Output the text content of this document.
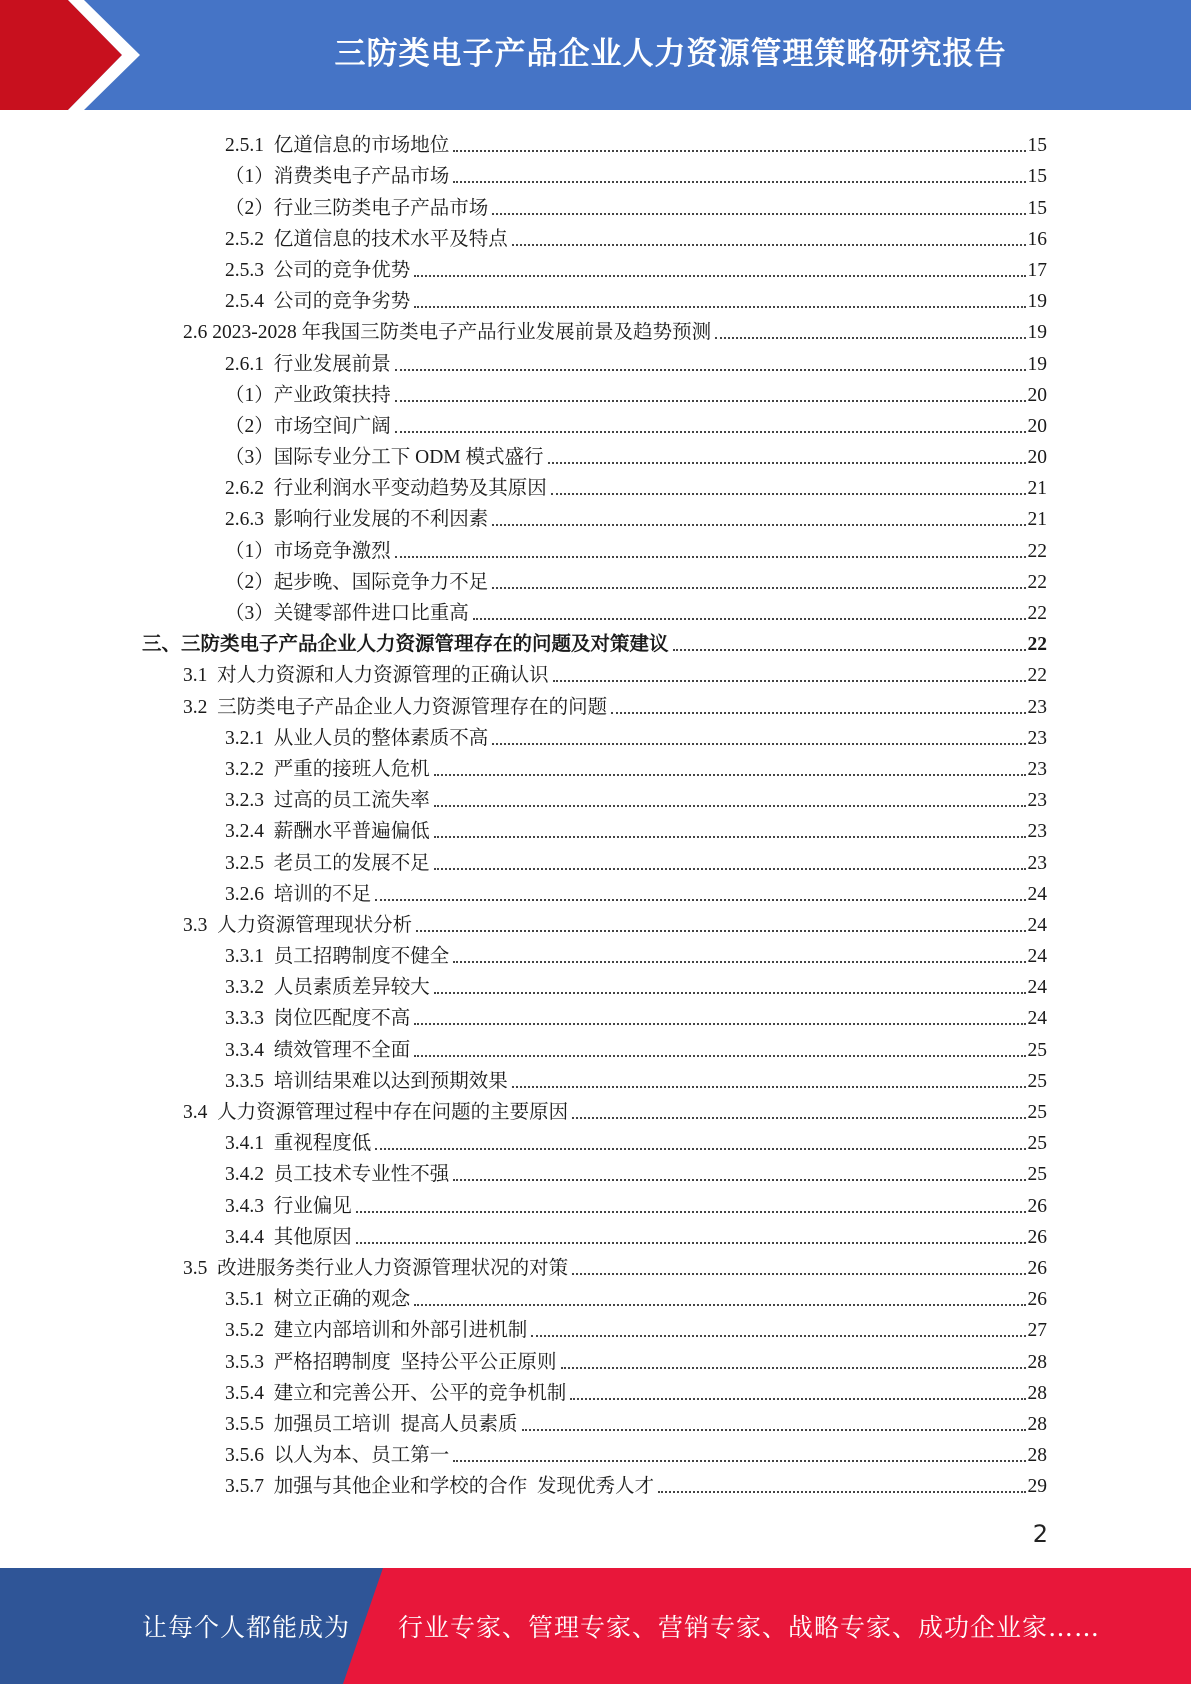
三防类电子产品企业人力资源管理策略研究报告
2.5.1  亿道信息的市场地位	15
（1）消费类电子产品市场	15
（2）行业三防类电子产品市场	15
2.5.2  亿道信息的技术水平及特点	16
2.5.3  公司的竞争优势	17
2.5.4  公司的竞争劣势	19
2.6 2023-2028 年我国三防类电子产品行业发展前景及趋势预测	19
2.6.1  行业发展前景	19
（1）产业政策扶持	20
（2）市场空间广阔	20
（3）国际专业分工下 ODM 模式盛行	20
2.6.2  行业利润水平变动趋势及其原因	21
2.6.3  影响行业发展的不利因素	21
（1）市场竞争激烈	22
（2）起步晚、国际竞争力不足	22
（3）关键零部件进口比重高	22
三、三防类电子产品企业人力资源管理存在的问题及对策建议	22
3.1  对人力资源和人力资源管理的正确认识	22
3.2  三防类电子产品企业人力资源管理存在的问题	23
3.2.1  从业人员的整体素质不高	23
3.2.2  严重的接班人危机	23
3.2.3  过高的员工流失率	23
3.2.4  薪酬水平普遍偏低	23
3.2.5  老员工的发展不足	23
3.2.6  培训的不足	24
3.3  人力资源管理现状分析	24
3.3.1  员工招聘制度不健全	24
3.3.2  人员素质差异较大	24
3.3.3  岗位匹配度不高	24
3.3.4  绩效管理不全面	25
3.3.5  培训结果难以达到预期效果	25
3.4  人力资源管理过程中存在问题的主要原因	25
3.4.1  重视程度低	25
3.4.2  员工技术专业性不强	25
3.4.3  行业偏见	26
3.4.4  其他原因	26
3.5  改进服务类行业人力资源管理状况的对策	26
3.5.1  树立正确的观念	26
3.5.2  建立内部培训和外部引进机制	27
3.5.3  严格招聘制度  坚持公平公正原则	28
3.5.4  建立和完善公开、公平的竞争机制	28
3.5.5  加强员工培训  提高人员素质	28
3.5.6  以人为本、员工第一	28
3.5.7  加强与其他企业和学校的合作  发现优秀人才	29
2
让每个人都能成为 行业专家、管理专家、营销专家、战略专家、成功企业家……
